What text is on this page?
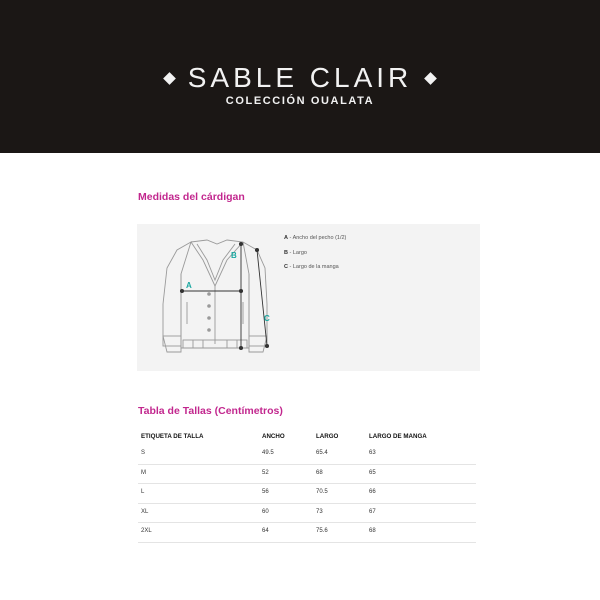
SABLE CLAIR
COLECCIÓN OUALATA
Medidas del cárdigan
A
B
C
A - Ancho del pecho (1/2)
B - Largo
C - Largo de la manga
Tabla de Tallas (Centímetros)
ETIQUETA DE TALLA	ANCHO	LARGO	LARGO DE MANGA
S	49.5	65.4	63
M	52	68	65
L	56	70.5	66
XL	60	73	67
2XL	64	75.6	68
